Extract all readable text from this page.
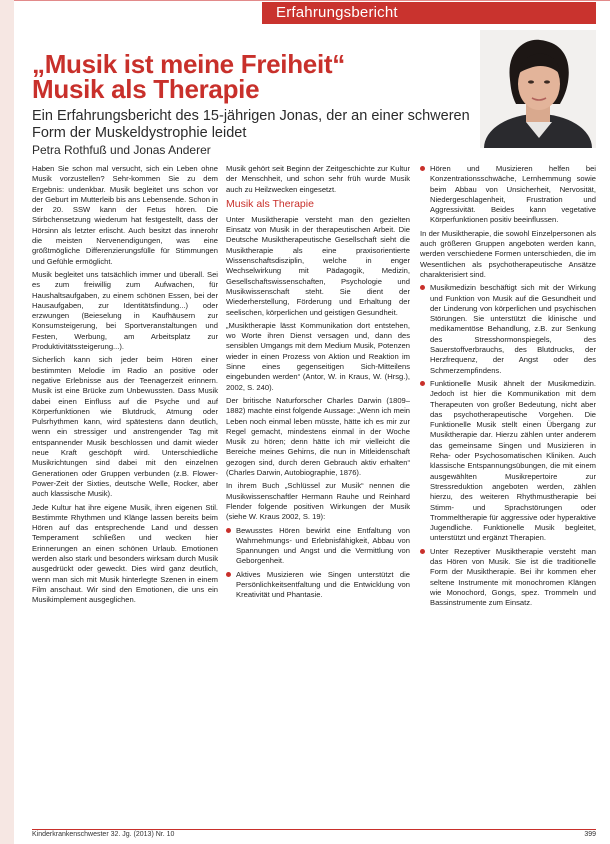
Erfahrungsbericht
„Musik ist meine Freiheit“
Musik als Therapie

Ein Erfahrungsbericht des 15-jährigen Jonas, der an einer schweren Form der Muskeldystrophie leidet

Petra Rothfuß und Jonas Anderer

Haben Sie schon mal versucht, sich ein Leben ohne Musik vorzustellen? Sehr-kommen Sie zu dem Ergebnis: undenkbar. Musik begleitet uns schon vor der Geburt im Mutterleib bis ans Lebensende. Schon in der 20. SSW kann der Fetus hören. Die Stirbchensetzung wiederum hat festgestellt, dass der Hörsinn als letzter erlischt. Auch besitzt das innerohr die meisten Nervenendigungen, was eine größtmögliche Differenzierungsfülle für Stimmungen und Gefühle ermöglicht.

Musik begleitet uns tatsächlich immer und überall. Sei es zum freiwillig zum Aufwachen, für Haushaltsaufgaben, zu einem schönen Essen, bei der Hausaufgaben, zur Identitätsfindung...) oder erzwungen (Beieselung in Kaufhäusern zur Konsumsteigerung, bei Sportveranstaltungen und Festen, Werbung, am Arbeitsplatz zur Produktivitätssteigerung...).

Sicherlich kann sich jeder beim Hören einer bestimmten Melodie im Radio an positive oder negative Erlebnisse aus der Teenagerzeit erinnern. Musik ist eine Brücke zum Unbewussten. Dass Musik dabei einen Einfluss auf die Psyche und auf Körperfunktionen wie Blutdruck, Atmung oder Pulsrhythmen kann, wird spätestens dann deutlich, wenn ein stressiger und anstrengender Tag mit entspannender Musik beschlossen und damit wieder neue Kraft geschöpft wird. Unterschiedliche Musikrichtungen sind dabei mit den einzelnen Generationen oder Gruppen verbunden (z.B. Flower-Power-Zeit der Sixties, deutsche Welle, Rocker, aber auch klassische Musik).

Jede Kultur hat ihre eigene Musik, ihren eigenen Stil. Bestimmte Rhythmen und Klänge lassen bereits beim Hören auf das entsprechende Land und dessen Temperament schließen und wecken hier Erinnerungen an einen schönen Urlaub. Emotionen werden also stark und besonders wirksam durch Musik ausgedrückt oder geweckt. Dies wird ganz deutlich, wenn man sich mit Musik hinterlegte Szenen in einem Film anschaut. Wir sind den Emotionen, die uns ein Musikimplement ausgeglichen.

Musik gehört seit Beginn der Zeitgeschichte zur Kultur der Menschheit, und schon sehr früh wurde Musik auch zu Heilzwecken eingesetzt.

Musik als Therapie

Unter Musiktherapie versteht man den gezielten Einsatz von Musik in der therapeutischen Arbeit. Die Deutsche Musiktherapeutische Gesellschaft sieht die Musiktherapie als eine praxisorientierte Wissenschaftsdisziplin, welche in enger Wechselwirkung mit Pädagogik, Medizin, Gesellschaftswissenschaften, Psychologie und Musikwissenschaft steht. Sie dient der Wiederherstellung, Förderung und Erhaltung der seelischen, körperlichen und geistigen Gesundheit.

„Musiktherapie lässt Kommunikation dort entstehen, wo Worte ihren Dienst versagen und, dann des sensiblen Umgangs mit dem Medium Musik, Potenzen wieder in einen Prozess von Aktion und Reaktion im Sinne eines gegenseitigen Sich-Mitteilens eingebunden werden“ (Antor, W. in Kraus, W. (Hrsg.), 2002, S. 240).

Der britische Naturforscher Charles Darwin (1809–1882) machte einst folgende Aussage: „Wenn ich mein Leben noch einmal leben müsste, hätte ich es mir zur Regel gemacht, mindestens einmal in der Woche Musik zu hören; denn hätte ich mir vielleicht die Bereiche meines Gehirns, die nun in Mitleidenschaft gezogen sind, durch deren Gebrauch aktiv erhalten“ (Charles Darwin, Autobiographie, 1876).

In ihrem Buch „Schlüssel zur Musik“ nennen die Musikwissenschaftler Hermann Rauhe und Reinhard Flender folgende positiven Wirkungen der Musik (siehe W. Kraus 2002, S. 19):

Bewusstes Hören bewirkt eine Entfaltung von Wahrnehmungs- und Erlebnisfähigkeit, Abbau von Spannungen und Angst und die Vermittlung von Geborgenheit.
Aktives Musizieren wie Singen unterstützt die Persönlichkeitsentfaltung und die Entwicklung von Kreativität und Phantasie.
Hören und Musizieren helfen bei Konzentrationsschwäche, Lernhemmung sowie beim Abbau von Unsicherheit, Nervosität, Niedergeschlagenheit, Frustration und Aggressivität. Beides kann vegetative Körperfunktionen positiv beeinflussen.

In der Musiktherapie, die sowohl Einzelpersonen als auch größeren Gruppen angeboten werden kann, werden verschiedene Formen unterschieden, die im Wesentlichen als psychotherapeutische Ansätze charakterisiert sind.

Musikmedizin beschäftigt sich mit der Wirkung und Funktion von Musik auf die Gesundheit und der Linderung von körperlichen und psychischen Störungen. Sie unterstützt die klinische und medikamentöse Behandlung, z.B. zur Senkung des Stresshormonspiegels, des Sauerstoffverbrauchs, des Blutdrucks, der Herzfrequenz, der Angst oder des Schmerzempfindens.
Funktionelle Musik ähnelt der Musikmedizin. Jedoch ist hier die Kommunikation mit dem Therapeuten von großer Bedeutung, nicht aber das psychotherapeutische Vorgehen. Die Funktionelle Musik stellt einen Übergang zur Musiktherapie dar. Hierzu zählen unter anderem das gemeinsame Singen und Musizieren in Reha- oder Psychosomatischen Kliniken. Auch klassische Entspannungsübungen, die mit einem ausgewählten Musikrepertoire zur Stressreduktion angeboten werden, zählen hierzu, des weiteren Rhythmustherapie bei Stimm- und Sprachstörungen oder Trommeltherapie für aggressive oder hyperaktive Jugendliche. Funktionelle Musik begleitet, unterstützt und ergänzt Therapien.
Unter Rezeptiver Musiktherapie versteht man das Hören von Musik. Sie ist die traditionelle Form der Musiktherapie. Bei ihr kommen eher seltene Instrumente mit monochromen Klängen wie Monochord, Gongs, spez. Trommeln und Bassinstrumente zum Einsatz.
Kinderkrankenschwester 32. Jg. (2013) Nr. 10	399
